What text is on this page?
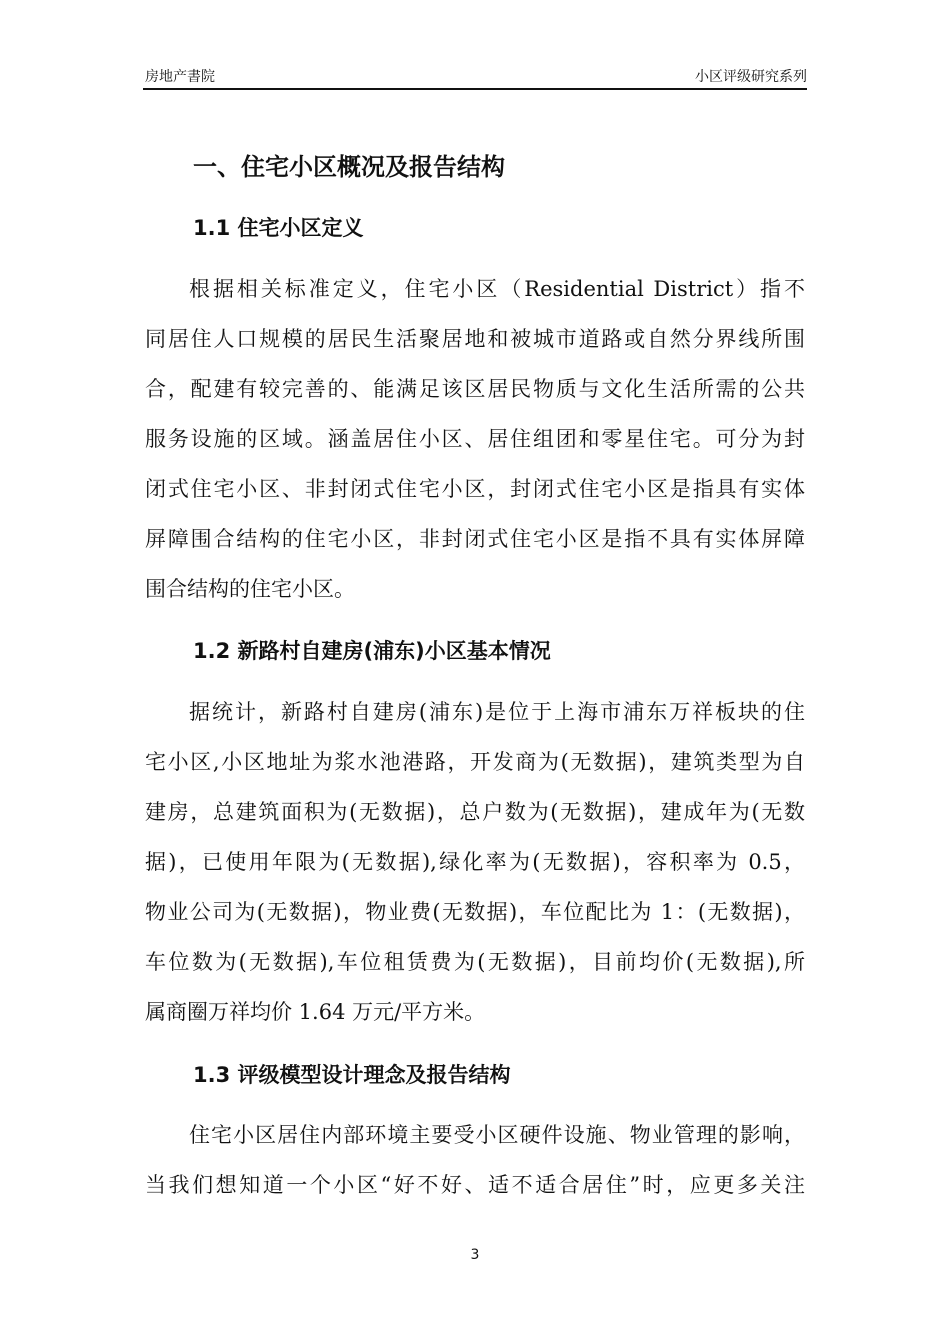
房地产書院	小区评级研究系列
一、住宅小区概况及报告结构
1.1 住宅小区定义
根据相关标准定义，住宅小区（Residential District）指不
同居住人口规模的居民生活聚居地和被城市道路或自然分界线所围
合，配建有较完善的、能满足该区居民物质与文化生活所需的公共
服务设施的区域。涵盖居住小区、居住组团和零星住宅。可分为封
闭式住宅小区、非封闭式住宅小区，封闭式住宅小区是指具有实体
屏障围合结构的住宅小区，非封闭式住宅小区是指不具有实体屏障
围合结构的住宅小区。
1.2 新路村自建房(浦东)小区基本情况
据统计，新路村自建房(浦东)是位于上海市浦东万祥板块的住
宅小区,小区地址为浆水池港路，开发商为(无数据)，建筑类型为自
建房，总建筑面积为(无数据)，总户数为(无数据)，建成年为(无数
据)，已使用年限为(无数据),绿化率为(无数据)，容积率为 0.5，
物业公司为(无数据)，物业费(无数据)，车位配比为 1：(无数据)，
车位数为(无数据),车位租赁费为(无数据)，目前均价(无数据),所
属商圈万祥均价 1.64 万元/平方米。
1.3 评级模型设计理念及报告结构
住宅小区居住内部环境主要受小区硬件设施、物业管理的影响，
当我们想知道一个小区“好不好、适不适合居住”时，应更多关注
3
